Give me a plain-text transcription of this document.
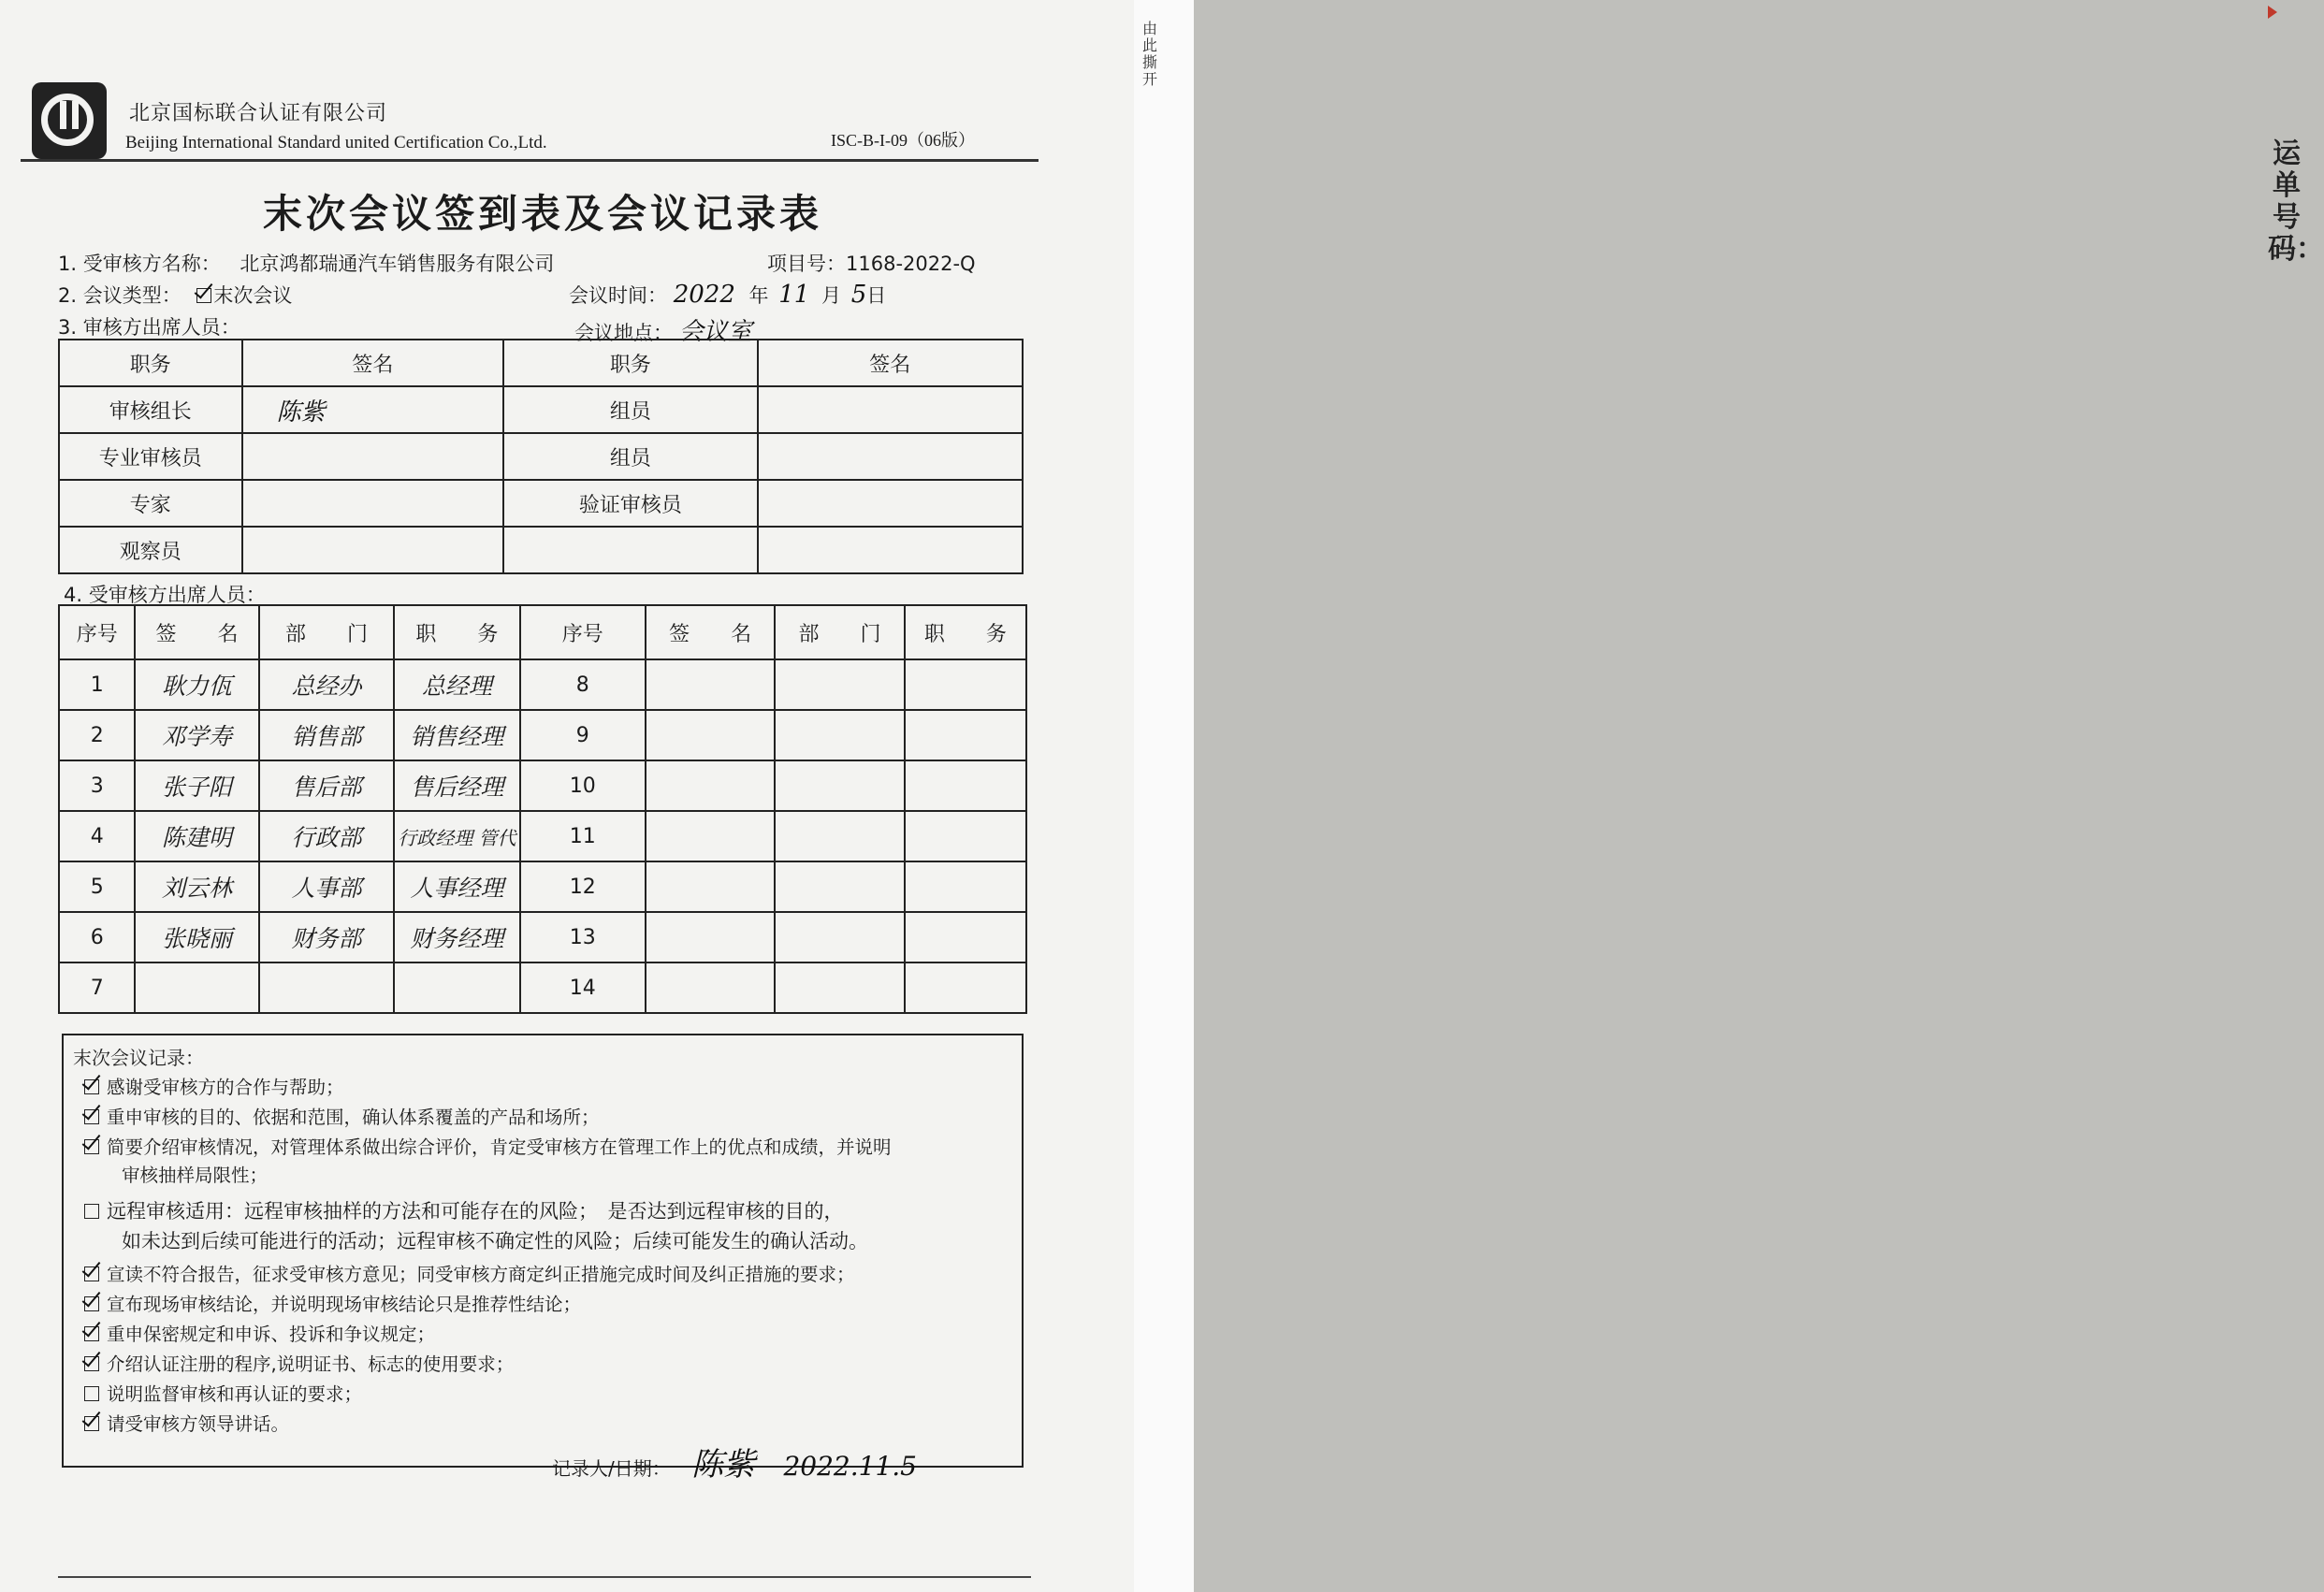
北京国标联合认证有限公司
Beijing International Standard united Certification Co.,Ltd.	ISC-B-I-09（06版）
末次会议签到表及会议记录表
1. 受审核方名称： 北京鸿都瑞通汽车销售服务有限公司	项目号：1168-2022-Q
2. 会议类型： 末次会议	会议时间： 2022 年 11 月 5日
3. 审核方出席人员：	会议地点： 会议室
职务	签名	职务	签名
审核组长	陈紫	组员	
专业审核员		组员	
专家		验证审核员	
观察员			
4. 受审核方出席人员：
序号	签　　名	部　　门	职　　务	序号	签　　名	部　　门	职　　务
1	耿力佤	总经办	总经理	8			
2	邓学寿	销售部	销售经理	9			
3	张子阳	售后部	售后经理	10			
4	陈建明	行政部	行政经理 管代	11			
5	刘云林	人事部	人事经理	12			
6	张晓丽	财务部	财务经理	13			
7				14			
末次会议记录：
感谢受审核方的合作与帮助；
重申审核的目的、依据和范围，确认体系覆盖的产品和场所；
简要介绍审核情况，对管理体系做出综合评价，肯定受审核方在管理工作上的优点和成绩，并说明
审核抽样局限性；
远程审核适用：远程审核抽样的方法和可能存在的风险；　是否达到远程审核的目的，
如未达到后续可能进行的活动；远程审核不确定性的风险；后续可能发生的确认活动。
宣读不符合报告，征求受审核方意见；同受审核方商定纠正措施完成时间及纠正措施的要求；
宣布现场审核结论，并说明现场审核结论只是推荐性结论；
重申保密规定和申诉、投诉和争议规定；
介绍认证注册的程序,说明证书、标志的使用要求；
说明监督审核和再认证的要求；
请受审核方领导讲话。
记录人/日期： 陈紫 2022.11.5
由此撕开
运单号码：
